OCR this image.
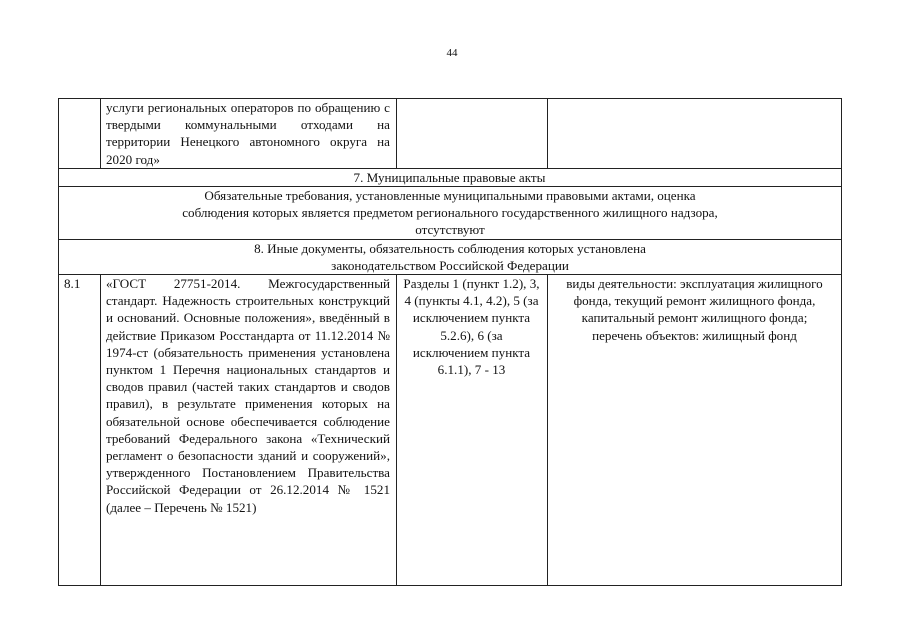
44
	услуги региональных операторов по обращению с твердыми коммунальными отходами на территории Ненецкого автономного округа на 2020 год»		
7. Муниципальные правовые акты			
Обязательные требования, установленные муниципальными правовыми актами, оценка соблюдения которых является предметом регионального государственного жилищного надзора, отсутствуют			
8. Иные документы, обязательность соблюдения которых установлена законодательством Российской Федерации			
8.1	«ГОСТ 27751-2014. Межгосударственный стандарт. Надежность строительных конструкций и оснований. Основные положения», введённый в действие Приказом Росстандарта от 11.12.2014 № 1974-ст (обязательность применения установлена пунктом 1 Перечня национальных стандартов и сводов правил (частей таких стандартов и сводов правил), в результате применения которых на обязательной основе обеспечивается соблюдение требований Федерального закона «Технический регламент о безопасности зданий и сооружений», утвержденного Постановлением Правительства Российской Федерации от 26.12.2014 № 1521 (далее – Перечень № 1521)	Разделы 1 (пункт 1.2), 3, 4 (пункты 4.1, 4.2), 5 (за исключением пункта 5.2.6), 6 (за исключением пункта 6.1.1), 7 - 13	виды деятельности: эксплуатация жилищного фонда, текущий ремонт жилищного фонда, капитальный ремонт жилищного фонда; перечень объектов: жилищный фонд
